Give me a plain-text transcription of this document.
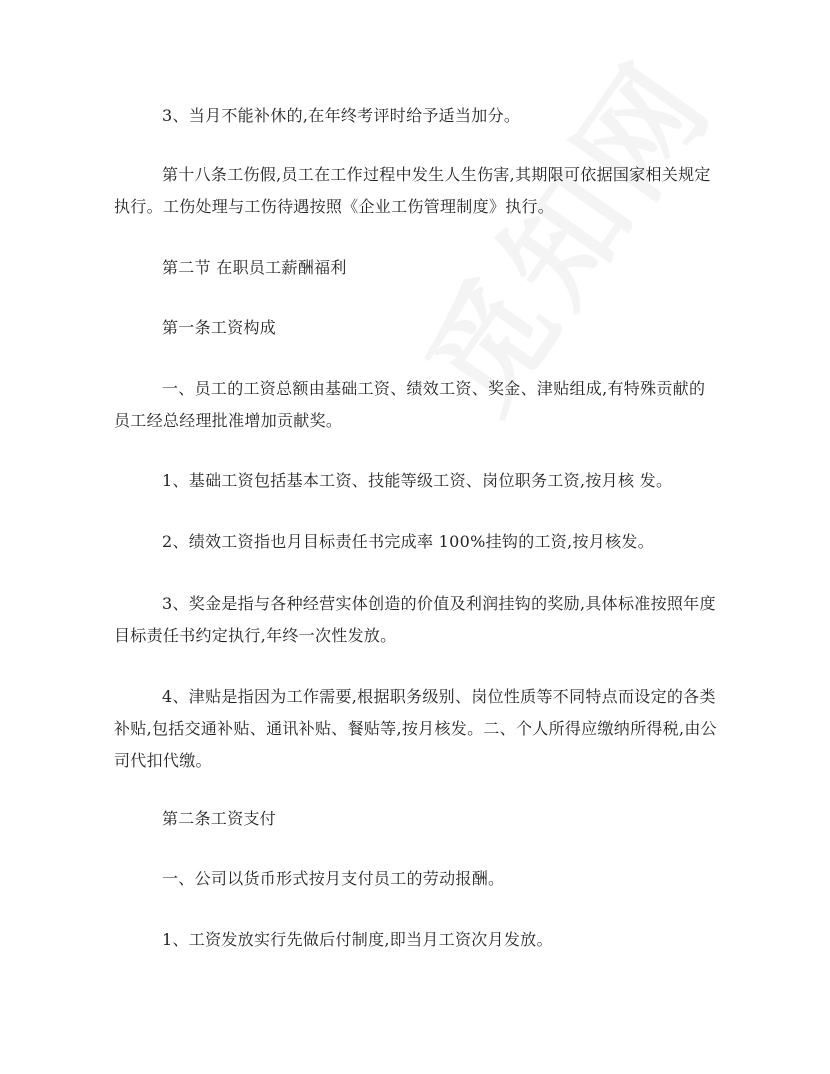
3、当月不能补休的,在年终考评时给予适当加分。

第十八条工伤假,员工在工作过程中发生人生伤害,其期限可依据国家相关规定执行。工伤处理与工伤待遇按照《企业工伤管理制度》执行。

第二节 在职员工薪酬福利

第一条工资构成

一、员工的工资总额由基础工资、绩效工资、奖金、津贴组成,有特殊贡献的员工经总经理批准增加贡献奖。

1、基础工资包括基本工资、技能等级工资、岗位职务工资,按月核 发。

2、绩效工资指也月目标责任书完成率 100%挂钩的工资,按月核发。

3、奖金是指与各种经营实体创造的价值及利润挂钩的奖励,具体标准按照年度目标责任书约定执行,年终一次性发放。

4、津贴是指因为工作需要,根据职务级别、岗位性质等不同特点而设定的各类补贴,包括交通补贴、通讯补贴、餐贴等,按月核发。二、个人所得应缴纳所得税,由公司代扣代缴。

第二条工资支付

一、公司以货币形式按月支付员工的劳动报酬。

1、工资发放实行先做后付制度,即当月工资次月发放。
